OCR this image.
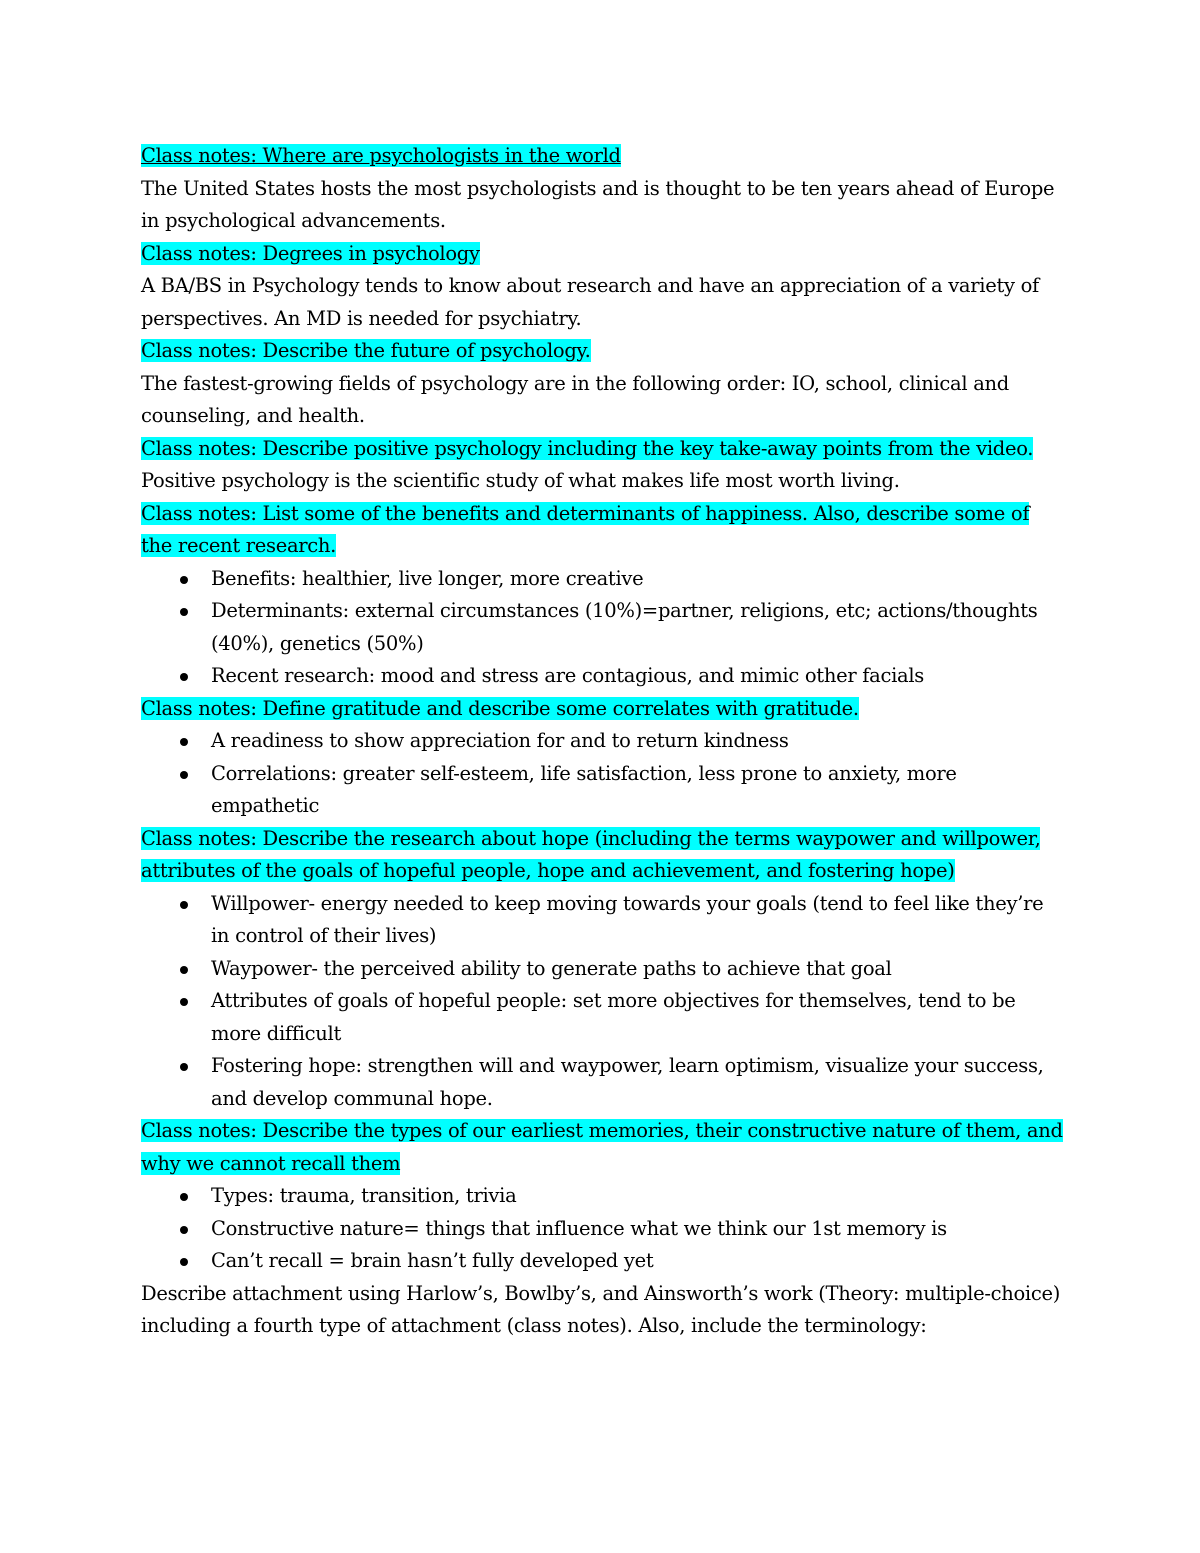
Class notes: Where are psychologists in the world

The United States hosts the most psychologists and is thought to be ten years ahead of Europe in psychological advancements.

Class notes: Degrees in psychology

A BA/BS in Psychology tends to know about research and have an appreciation of a variety of perspectives. An MD is needed for psychiatry.

Class notes: Describe the future of psychology.

The fastest-growing fields of psychology are in the following order: IO, school, clinical and counseling, and health.

Class notes: Describe positive psychology including the key take-away points from the video.

Positive psychology is the scientific study of what makes life most worth living.

Class notes: List some of the benefits and determinants of happiness. Also, describe some of the recent research.

Benefits: healthier, live longer, more creative
Determinants: external circumstances (10%)=partner, religions, etc; actions/thoughts (40%), genetics (50%)
Recent research: mood and stress are contagious, and mimic other facials

Class notes: Define gratitude and describe some correlates with gratitude.

A readiness to show appreciation for and to return kindness
Correlations: greater self-esteem, life satisfaction, less prone to anxiety, more empathetic

Class notes: Describe the research about hope (including the terms waypower and willpower, attributes of the goals of hopeful people, hope and achievement, and fostering hope)

Willpower- energy needed to keep moving towards your goals (tend to feel like they’re in control of their lives)
Waypower- the perceived ability to generate paths to achieve that goal
Attributes of goals of hopeful people: set more objectives for themselves, tend to be more difficult
Fostering hope: strengthen will and waypower, learn optimism, visualize your success, and develop communal hope.

Class notes: Describe the types of our earliest memories, their constructive nature of them, and why we cannot recall them

Types: trauma, transition, trivia
Constructive nature= things that influence what we think our 1st memory is
Can’t recall = brain hasn’t fully developed yet

Describe attachment using Harlow’s, Bowlby’s, and Ainsworth’s work (Theory: multiple-choice) including a fourth type of attachment (class notes). Also, include the terminology:
